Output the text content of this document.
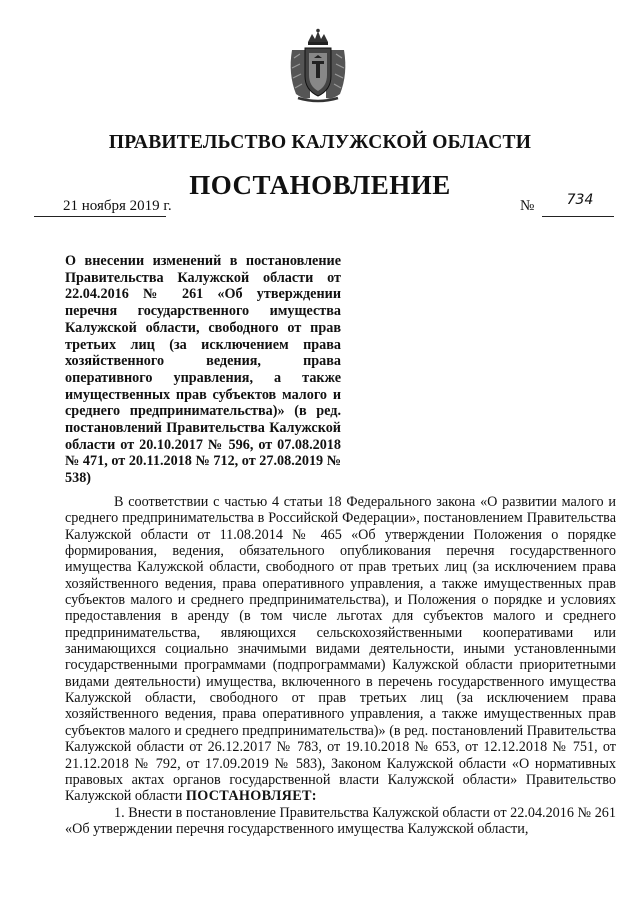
ПРАВИТЕЛЬСТВО КАЛУЖСКОЙ ОБЛАСТИ
ПОСТАНОВЛЕНИЕ
21 ноября 2019 г.	№	734

О внесении изменений в постановление Правительства Калужской области от 22.04.2016 № 261 «Об утверждении перечня государственного имущества Калужской области, свободного от прав третьих лиц (за исключением права хозяйственного ведения, права оперативного управления, а также имущественных прав субъектов малого и среднего предпринимательства)» (в ред. постановлений Правительства Калужской области от 20.10.2017 № 596, от 07.08.2018 № 471, от 20.11.2018 № 712, от 27.08.2019 № 538)

В соответствии с частью 4 статьи 18 Федерального закона «О развитии малого и среднего предпринимательства в Российской Федерации», постановлением Правительства Калужской области от 11.08.2014 № 465 «Об утверждении Положения о порядке формирования, ведения, обязательного опубликования перечня государственного имущества Калужской области, свободного от прав третьих лиц (за исключением права хозяйственного ведения, права оперативного управления, а также имущественных прав субъектов малого и среднего предпринимательства), и Положения о порядке и условиях предоставления в аренду (в том числе льготах для субъектов малого и среднего предпринимательства, являющихся сельскохозяйственными кооперативами или занимающихся социально значимыми видами деятельности, иными установленными государственными программами (подпрограммами) Калужской области приоритетными видами деятельности) имущества, включенного в перечень государственного имущества Калужской области, свободного от прав третьих лиц (за исключением права хозяйственного ведения, права оперативного управления, а также имущественных прав субъектов малого и среднего предпринимательства)» (в ред. постановлений Правительства Калужской области от 26.12.2017 № 783, от 19.10.2018 № 653, от 12.12.2018 № 751, от 21.12.2018 № 792, от 17.09.2019 № 583), Законом Калужской области «О нормативных правовых актах органов государственной власти Калужской области» Правительство Калужской области ПОСТАНОВЛЯЕТ:

1. Внести в постановление Правительства Калужской области от 22.04.2016 № 261 «Об утверждении перечня государственного имущества Калужской области,
